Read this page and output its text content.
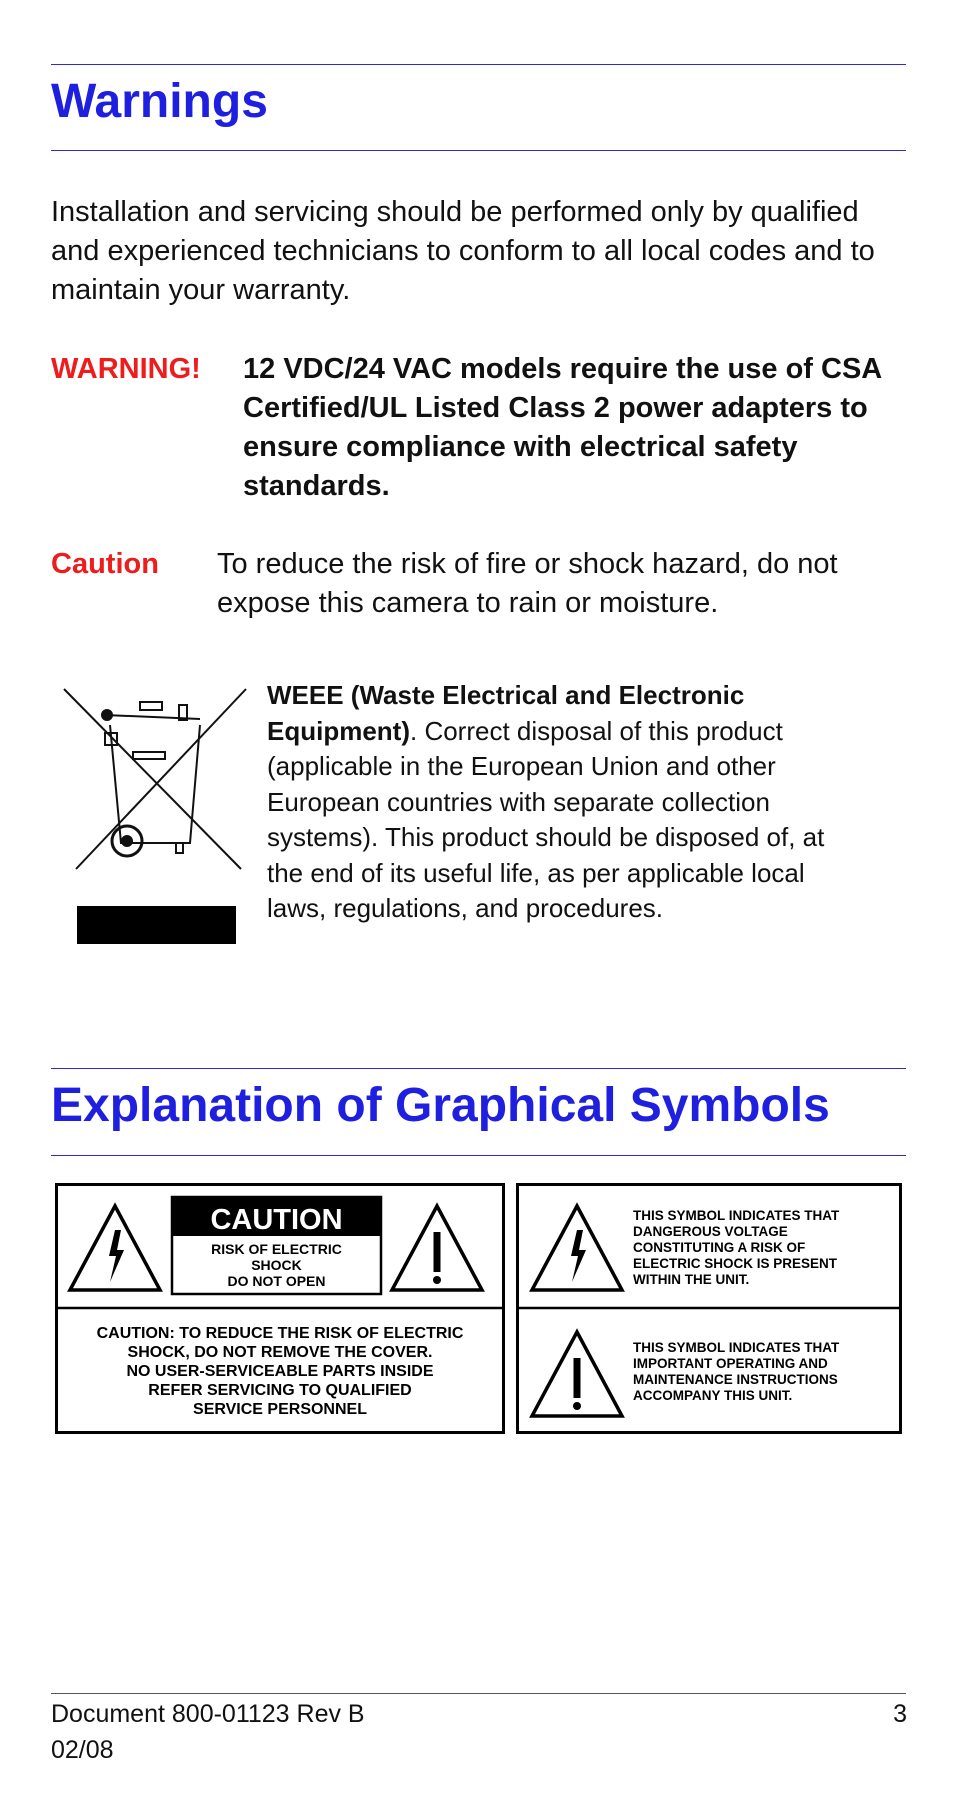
Warnings

Installation and servicing should be performed only by qualified and experienced technicians to conform to all local codes and to maintain your warranty.

WARNING! 12 VDC/24 VAC models require the use of CSA Certified/UL Listed Class 2 power adapters to ensure compliance with electrical safety standards.

Caution To reduce the risk of fire or shock hazard, do not expose this camera to rain or moisture.

WEEE (Waste Electrical and Electronic Equipment). Correct disposal of this product (applicable in the European Union and other European countries with separate collection systems). This product should be disposed of, at the end of its useful life, as per applicable local laws, regulations, and procedures.

Explanation of Graphical Symbols
CAUTION
RISK OF ELECTRIC
SHOCK
DO NOT OPEN
CAUTION: TO REDUCE THE RISK OF ELECTRIC
SHOCK, DO NOT REMOVE THE COVER.
NO USER-SERVICEABLE PARTS INSIDE
REFER SERVICING TO QUALIFIED
SERVICE PERSONNEL
THIS SYMBOL INDICATES THAT
DANGEROUS VOLTAGE
CONSTITUTING A RISK OF
ELECTRIC SHOCK IS PRESENT
WITHIN THE UNIT.
THIS SYMBOL INDICATES THAT
IMPORTANT OPERATING AND
MAINTENANCE INSTRUCTIONS
ACCOMPANY THIS UNIT.
Document 800-01123 Rev B
02/08
3
